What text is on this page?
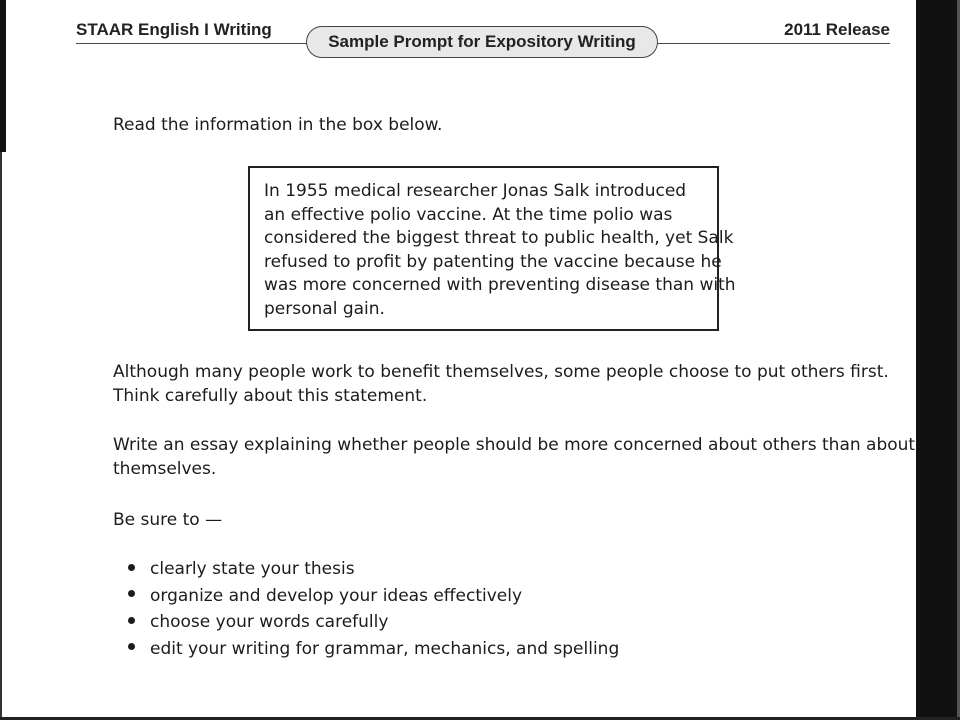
STAAR English I Writing
Sample Prompt for Expository Writing
2011 Release
Read the information in the box below.
In 1955 medical researcher Jonas Salk introduced
an effective polio vaccine. At the time polio was
considered the biggest threat to public health, yet Salk
refused to profit by patenting the vaccine because he
was more concerned with preventing disease than with
personal gain.
Although many people work to benefit themselves, some people choose to put others first.
Think carefully about this statement.
Write an essay explaining whether people should be more concerned about others than about
themselves.
Be sure to —
clearly state your thesis
organize and develop your ideas effectively
choose your words carefully
edit your writing for grammar, mechanics, and spelling
